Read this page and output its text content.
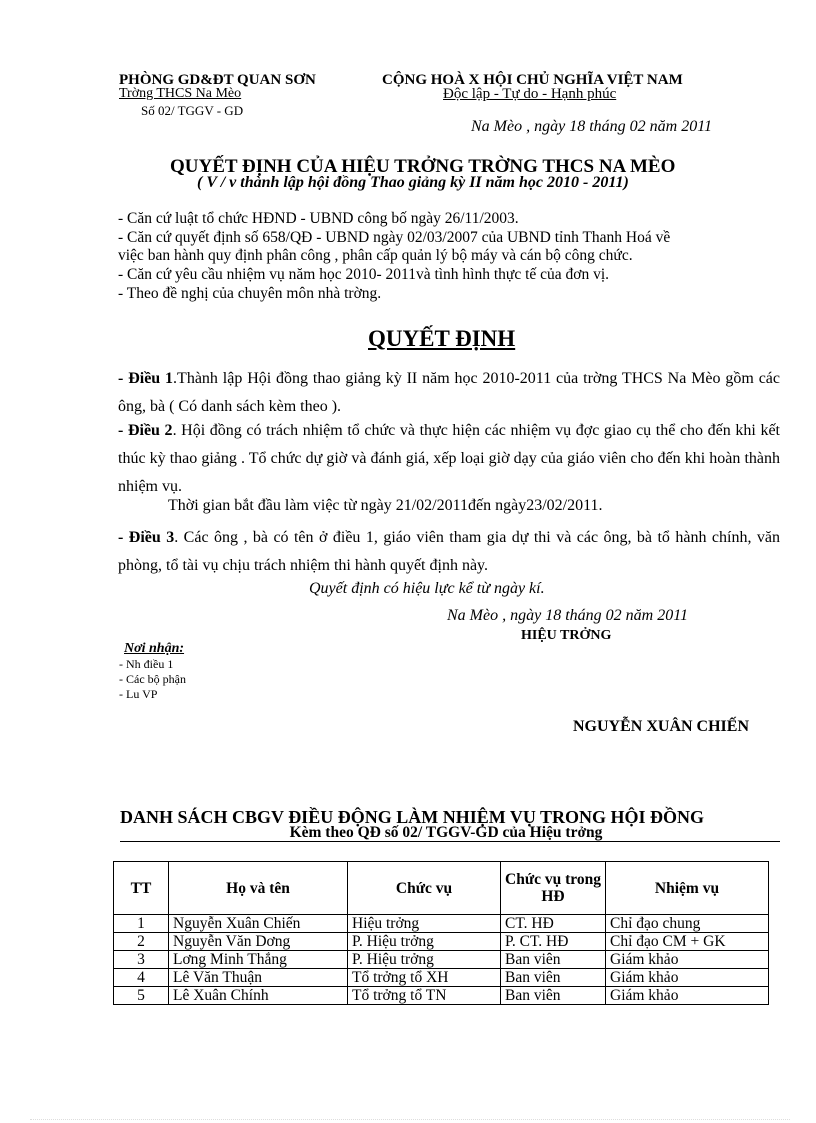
PHÒNG GD&ĐT QUAN SƠN
Trờng THCS Na Mèo
Số 02/ TGGV - GD
CỘNG HOÀ X HỘI CHỦ NGHĨA VIỆT NAM
Độc lập - Tự do - Hạnh phúc
Na Mèo , ngày 18 tháng 02 năm 2011
QUYẾT ĐỊNH CỦA HIỆU TRỞNG TRỜNG THCS NA MÈO
( V / v thành lập hội đồng Thao giảng kỳ II năm học 2010 - 2011)
- Căn cứ luật tổ chức HĐND - UBND công bố ngày 26/11/2003.
- Căn cứ quyết định số 658/QĐ - UBND ngày 02/03/2007 của UBND tỉnh Thanh Hoá về
việc ban hành quy định phân công , phân cấp quản lý bộ máy và cán bộ công chức.
- Căn cứ yêu cầu nhiệm vụ năm học 2010- 2011và tình hình thực tế của đơn vị.
- Theo đề nghị của chuyên môn nhà trờng.
QUYẾT ĐỊNH
- Điều 1.Thành lập Hội đồng thao giảng kỳ II năm học 2010-2011 của trờng THCS Na Mèo gồm các ông, bà ( Có danh sách kèm theo ).
- Điều 2. Hội đồng có trách nhiệm tổ chức và thực hiện các nhiệm vụ đợc giao cụ thể cho đến khi kết thúc kỳ thao giảng . Tổ chức dự giờ và đánh giá, xếp loại giờ dạy của giáo viên cho đến khi hoàn thành nhiệm vụ.
Thời gian bắt đầu làm việc từ ngày 21/02/2011đến ngày23/02/2011.
- Điều 3. Các ông , bà có tên ở điều 1, giáo viên tham gia dự thi và các ông, bà tổ hành chính, văn phòng, tổ tài vụ chịu trách nhiệm thi hành quyết định này.
Quyết định có hiệu lực kể từ ngày kí.
Na Mèo , ngày 18 tháng 02 năm 2011
HIỆU TRỞNG
NGUYỄN XUÂN CHIẾN
Nơi nhận:
- Nh điều 1
- Các bộ phận
- Lu VP
DANH SÁCH CBGV ĐIỀU ĐỘNG LÀM NHIỆM VỤ TRONG HỘI ĐỒNG
Kèm theo QĐ số 02/ TGGV-GD của Hiệu trởng
TT	Họ và tên	Chức vụ	Chức vụ trong HĐ	Nhiệm vụ
1	Nguyễn Xuân Chiến	Hiệu trởng	CT. HĐ	Chỉ đạo chung
2	Nguyễn Văn Dơng	P. Hiệu trởng	P. CT. HĐ	Chỉ đạo CM + GK
3	Lơng Minh Thắng	P. Hiệu trởng	Ban viên	Giám khảo
4	Lê Văn Thuận	Tổ trởng tổ XH	Ban viên	Giám khảo
5	Lê Xuân Chính	Tổ trởng tổ TN	Ban viên	Giám khảo
